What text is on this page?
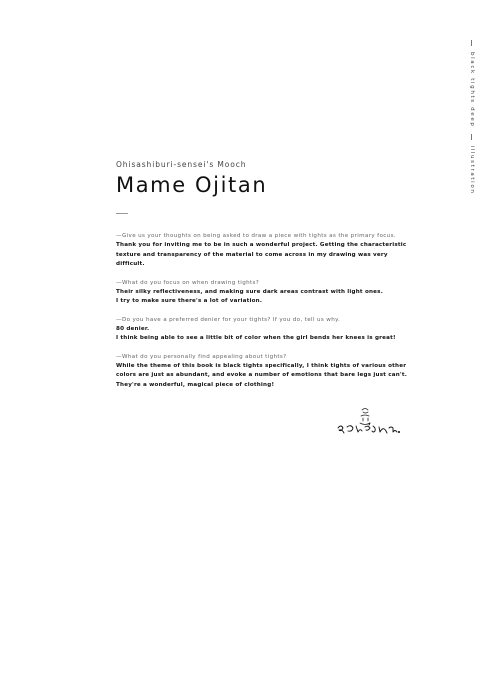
black tights deep
illustration

Ohisashiburi-sensei's Mooch

Mame Ojitan

—Give us your thoughts on being asked to draw a piece with tights as the primary focus.

Thank you for inviting me to be in such a wonderful project. Getting the characteristic

texture and transparency of the material to come across in my drawing was very difficult.

—What do you focus on when drawing tights?

Their silky reflectiveness, and making sure dark areas contrast with light ones.

I try to make sure there's a lot of variation.

—Do you have a preferred denier for your tights? If you do, tell us why.

80 denier.

I think being able to see a little bit of color when the girl bends her knees is great!

—What do you personally find appealing about tights?

While the theme of this book is black tights specifically, I think tights of various other

colors are just as abundant, and evoke a number of emotions that bare legs just can't.

They're a wonderful, magical piece of clothing!
